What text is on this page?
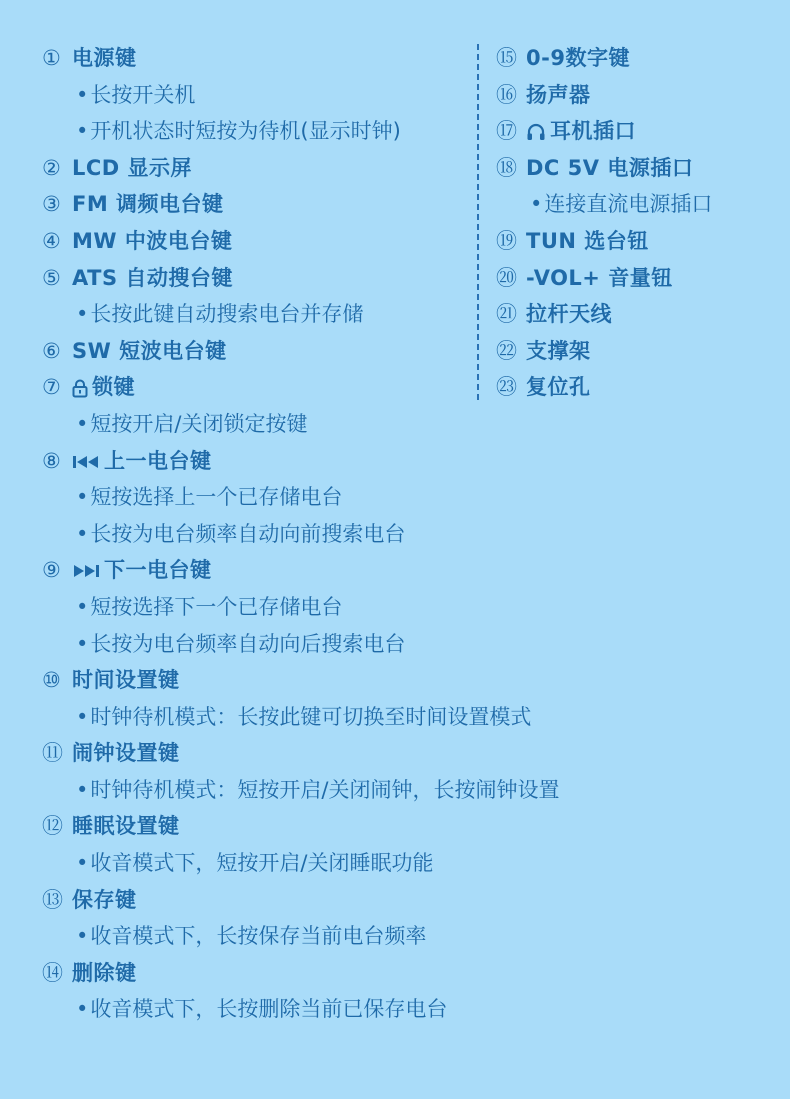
① 电源键
• 长按开关机
• 开机状态时短按为待机(显示时钟)
② LCD 显示屏
③ FM 调频电台键
④ MW 中波电台键
⑤ ATS 自动搜台键
• 长按此键自动搜索电台并存储
⑥ SW 短波电台键
⑦ 锁键
• 短按开启/关闭锁定按键
⑧ 上一电台键
• 短按选择上一个已存储电台
• 长按为电台频率自动向前搜索电台
⑨ 下一电台键
• 短按选择下一个已存储电台
• 长按为电台频率自动向后搜索电台
⑩ 时间设置键
• 时钟待机模式：长按此键可切换至时间设置模式
⑪ 闹钟设置键
• 时钟待机模式：短按开启/关闭闹钟，长按闹钟设置
⑫ 睡眠设置键
• 收音模式下，短按开启/关闭睡眠功能
⑬ 保存键
• 收音模式下，长按保存当前电台频率
⑭ 删除键
• 收音模式下，长按删除当前已保存电台
⑮ 0-9数字键
⑯ 扬声器
⑰ 耳机插口
⑱ DC 5V 电源插口
• 连接直流电源插口
⑲ TUN 选台钮
⑳ -VOL+ 音量钮
㉑ 拉杆天线
㉒ 支撑架
㉓ 复位孔
